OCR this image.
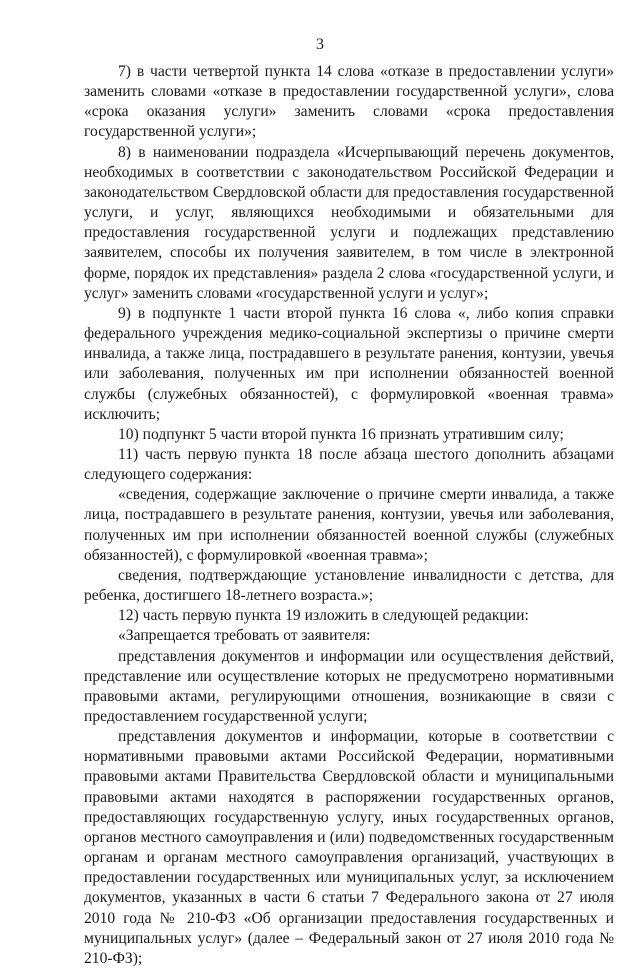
3

7) в части четвертой пункта 14 слова «отказе в предоставлении услуги» заменить словами «отказе в предоставлении государственной услуги», слова «срока оказания услуги» заменить словами «срока предоставления государственной услуги»;

8) в наименовании подраздела «Исчерпывающий перечень документов, необходимых в соответствии с законодательством Российской Федерации и законодательством Свердловской области для предоставления государственной услуги, и услуг, являющихся необходимыми и обязательными для предоставления государственной услуги и подлежащих представлению заявителем, способы их получения заявителем, в том числе в электронной форме, порядок их представления» раздела 2 слова «государственной услуги, и услуг» заменить словами «государственной услуги и услуг»;

9) в подпункте 1 части второй пункта 16 слова «, либо копия справки федерального учреждения медико-социальной экспертизы о причине смерти инвалида, а также лица, пострадавшего в результате ранения, контузии, увечья или заболевания, полученных им при исполнении обязанностей военной службы (служебных обязанностей), с формулировкой «военная травма» исключить;

10) подпункт 5 части второй пункта 16 признать утратившим силу;

11) часть первую пункта 18 после абзаца шестого дополнить абзацами следующего содержания:

«сведения, содержащие заключение о причине смерти инвалида, а также лица, пострадавшего в результате ранения, контузии, увечья или заболевания, полученных им при исполнении обязанностей военной службы (служебных обязанностей), с формулировкой «военная травма»;

сведения, подтверждающие установление инвалидности с детства, для ребенка, достигшего 18-летнего возраста.»;

12) часть первую пункта 19 изложить в следующей редакции:

«Запрещается требовать от заявителя:

представления документов и информации или осуществления действий, представление или осуществление которых не предусмотрено нормативными правовыми актами, регулирующими отношения, возникающие в связи с предоставлением государственной услуги;

представления документов и информации, которые в соответствии с нормативными правовыми актами Российской Федерации, нормативными правовыми актами Правительства Свердловской области и муниципальными правовыми актами находятся в распоряжении государственных органов, предоставляющих государственную услугу, иных государственных органов, органов местного самоуправления и (или) подведомственных государственным органам и органам местного самоуправления организаций, участвующих в предоставлении государственных или муниципальных услуг, за исключением документов, указанных в части 6 статьи 7 Федерального закона от 27 июля 2010 года № 210-ФЗ «Об организации предоставления государственных и муниципальных услуг» (далее – Федеральный закон от 27 июля 2010 года № 210-ФЗ);
